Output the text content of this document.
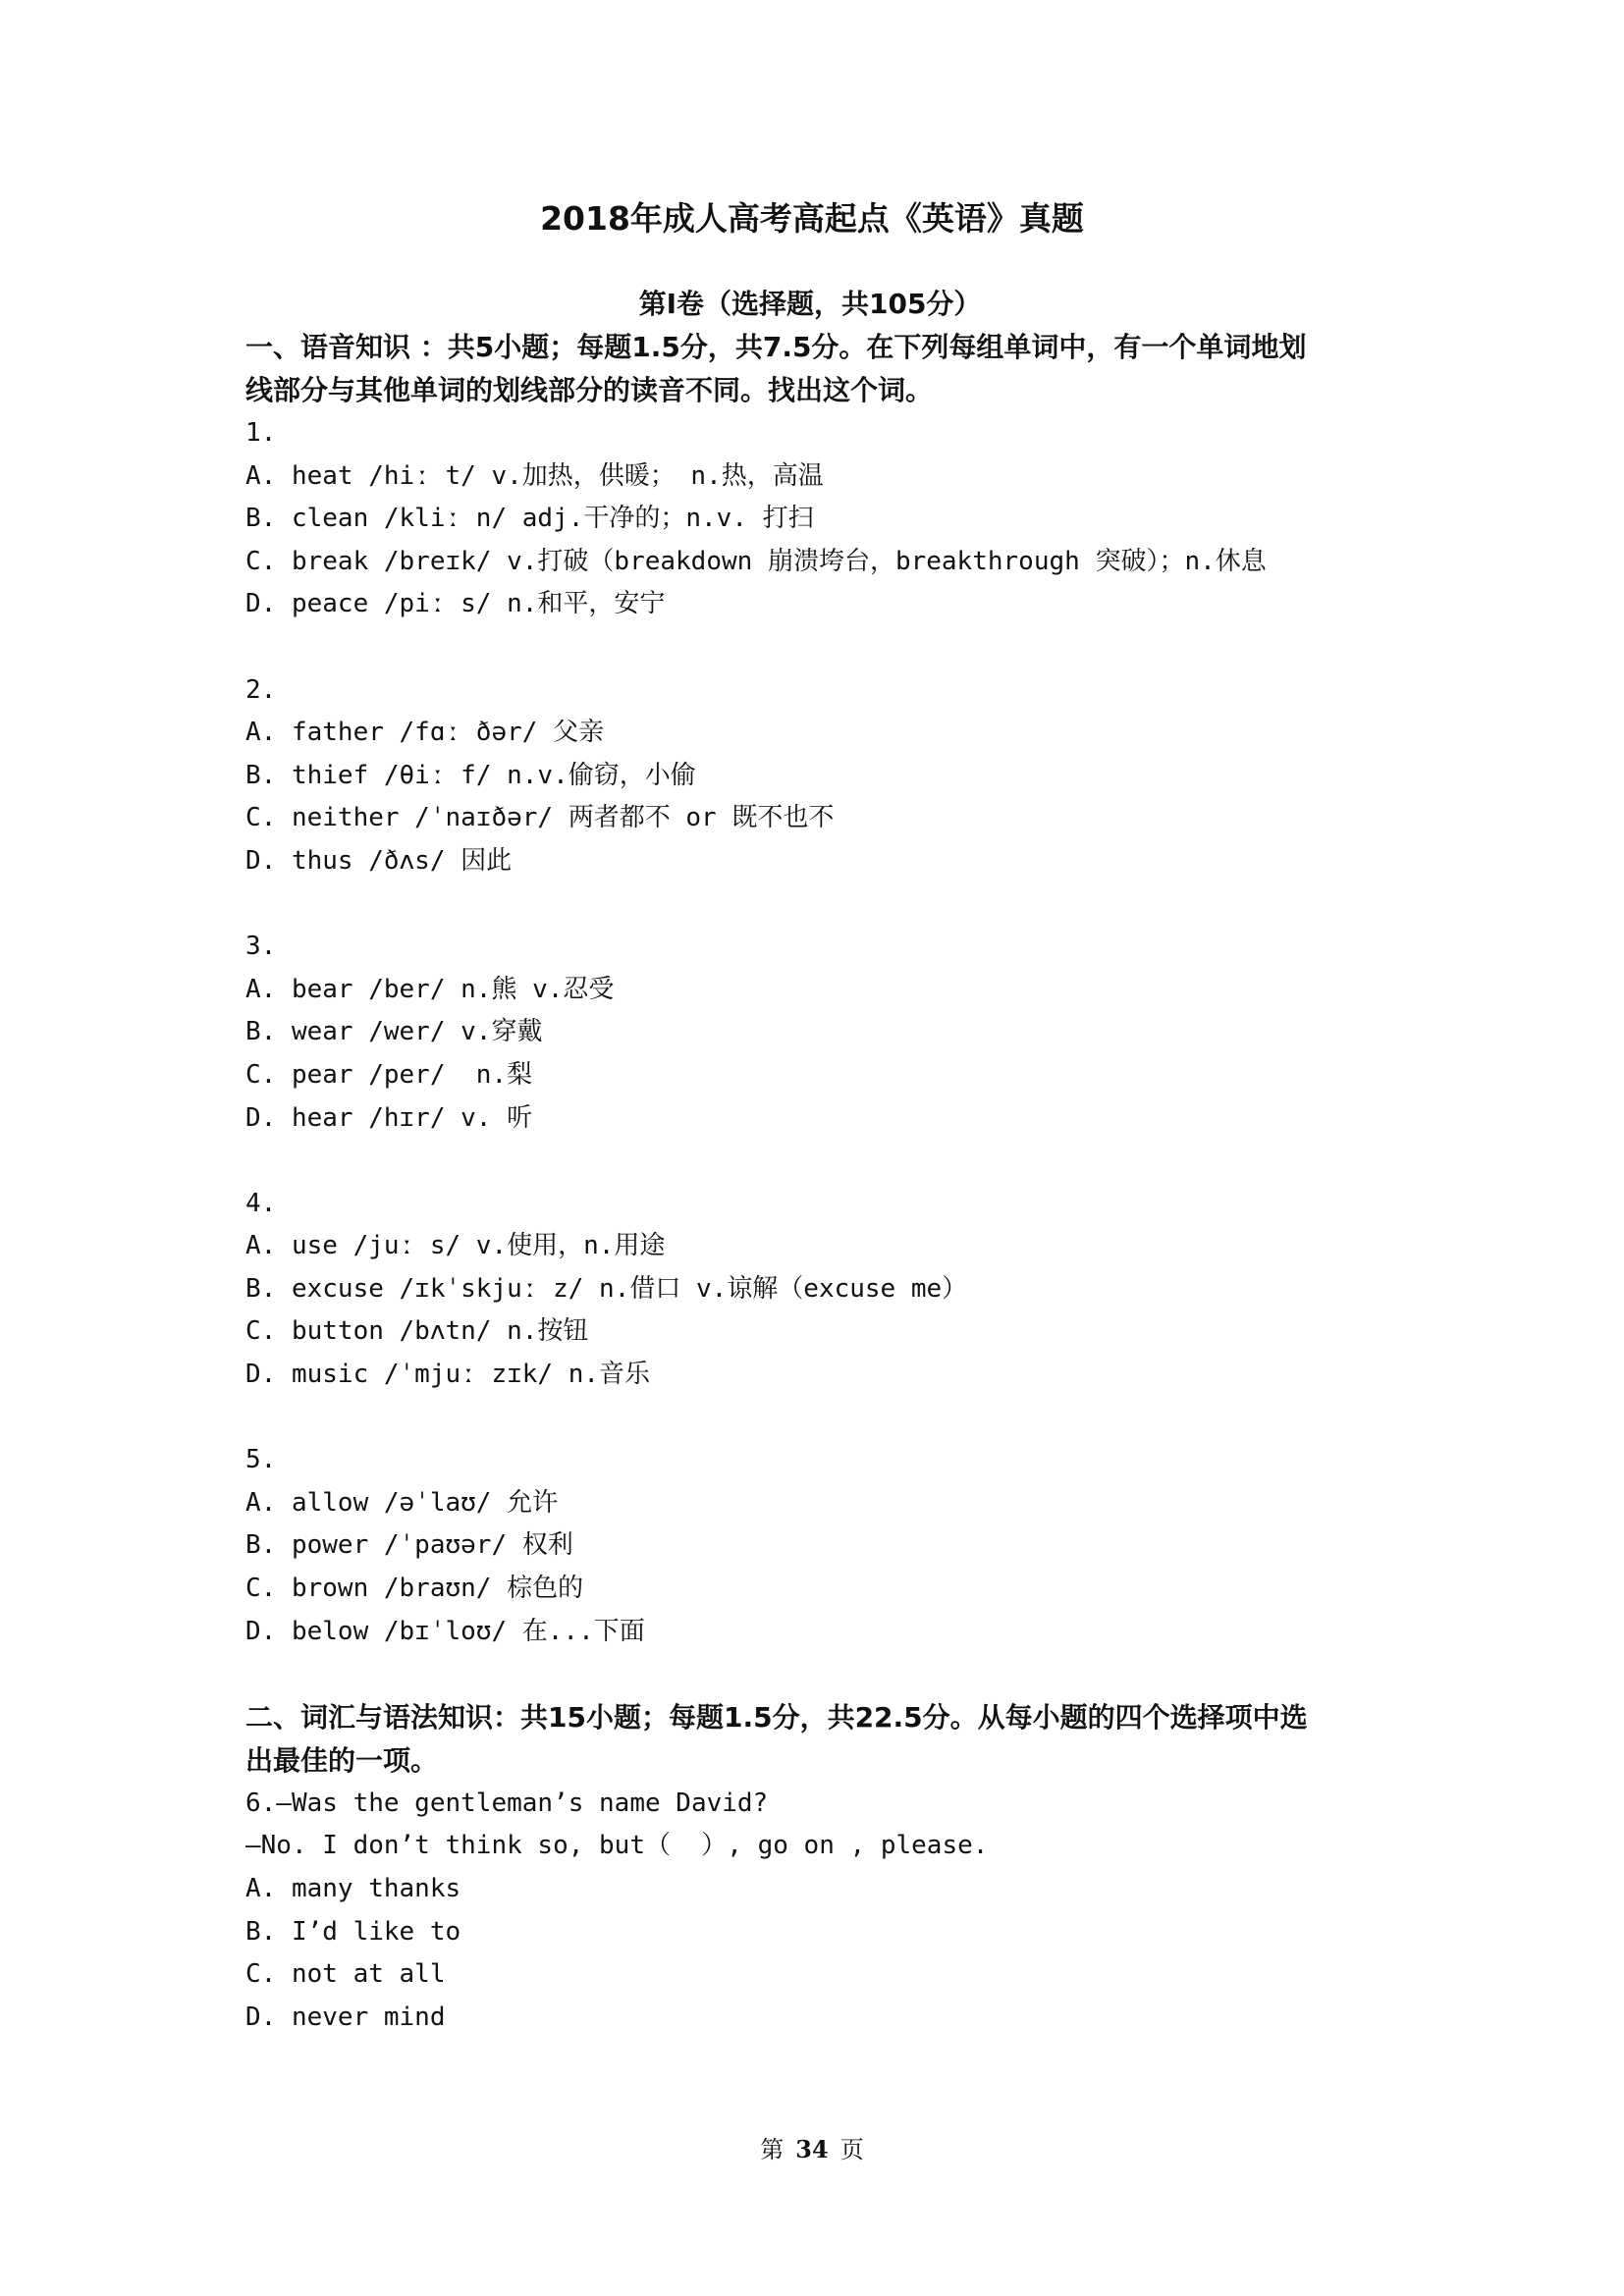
2018年成人高考高起点《英语》真题
第Ⅰ卷（选择题，共105分）
一、语音知识 ：共5小题；每题1.5分，共7.5分。在下列每组单词中，有一个单词地划
线部分与其他单词的划线部分的读音不同。找出这个词。
1.
A. heat /hiː t/ v.加热，供暖； n.热，高温
B. clean /kliː n/ adj.干净的；n.v. 打扫
C. break /breɪk/ v.打破（breakdown 崩溃垮台，breakthrough 突破）；n.休息
D. peace /piː s/ n.和平，安宁
2.
A. father /fɑː ðər/ 父亲
B. thief /θiː f/ n.v.偷窃，小偷
C. neither /ˈnaɪðər/ 两者都不 or 既不也不
D. thus /ðʌs/ 因此
3.
A. bear /ber/ n.熊 v.忍受
B. wear /wer/ v.穿戴
C. pear /per/  n.梨
D. hear /hɪr/ v. 听
4.
A. use /juː s/ v.使用，n.用途
B. excuse /ɪkˈskjuː z/ n.借口 v.谅解（excuse me）
C. button /bʌtn/ n.按钮
D. music /ˈmjuː zɪk/ n.音乐
5.
A. allow /əˈlaʊ/ 允许
B. power /ˈpaʊər/ 权利
C. brown /braʊn/ 棕色的
D. below /bɪˈloʊ/ 在...下面
二、词汇与语法知识：共15小题；每题1.5分，共22.5分。从每小题的四个选择项中选
出最佳的一项。
6.—Was the gentleman’s name David?
—No. I don’t think so, but（  ）, go on , please.
A. many thanks
B. I’d like to
C. not at all
D. never mind
第 34 页
